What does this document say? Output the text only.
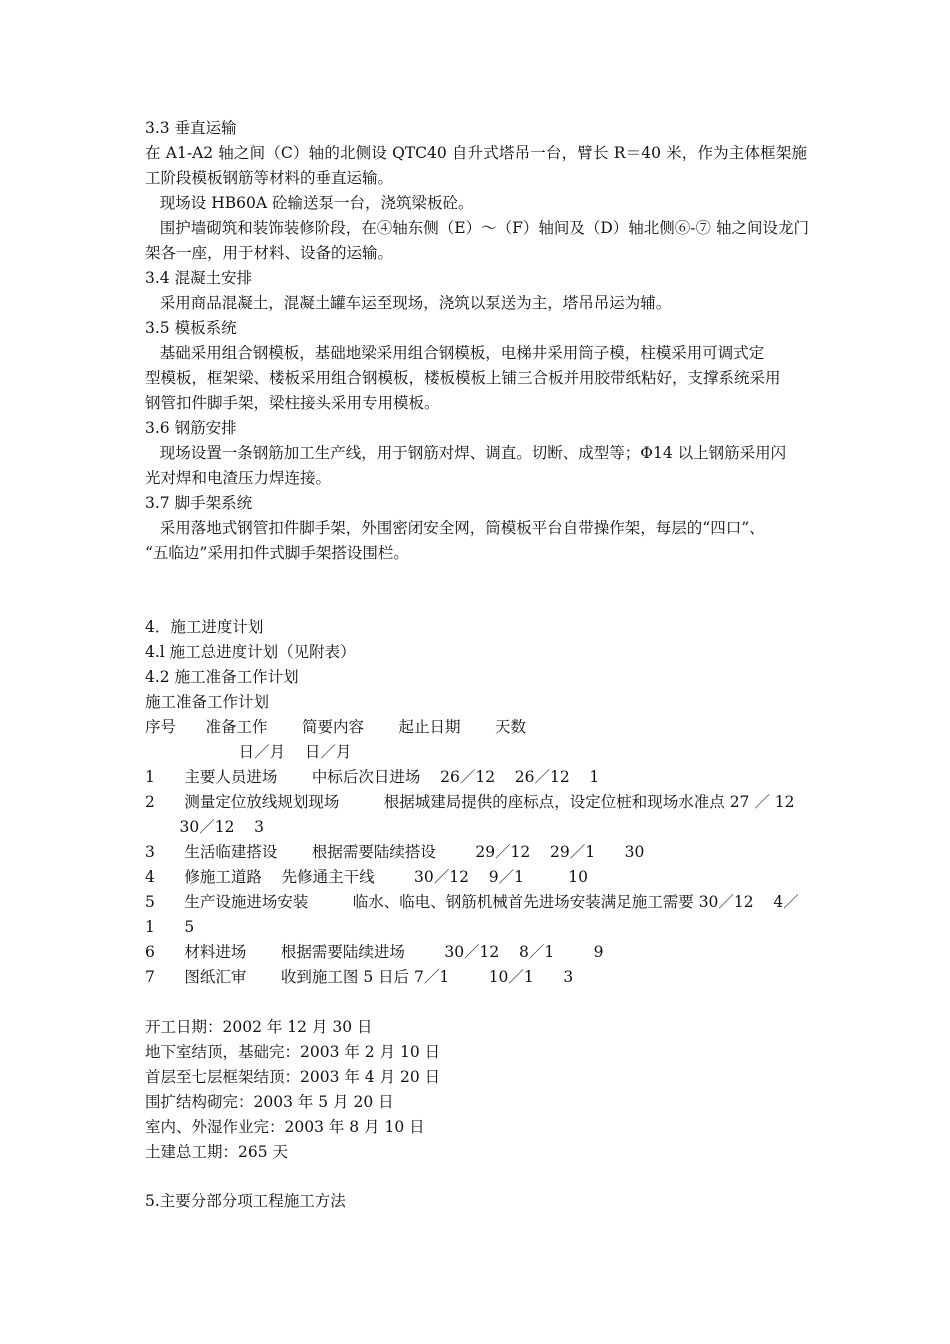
3.3 垂直运输
在 A1-A2 轴之间（C）轴的北侧设 QTC40 自升式塔吊一台，臂长 R＝40 米，作为主体框架施
工阶段模板钢筋等材料的垂直运输。
现场设 HB60A 砼输送泵一台，浇筑梁板砼。
围护墙砌筑和装饰装修阶段，在④轴东侧（E）～（F）轴间及（D）轴北侧⑥-⑦ 轴之间设龙门
架各一座，用于材料、设备的运输。
3.4 混凝土安排
采用商品混凝土，混凝土罐车运至现场，浇筑以泵送为主，塔吊吊运为辅。
3.5 模板系统
基础采用组合钢模板，基础地梁采用组合钢模板，电梯井采用筒子模，柱模采用可调式定
型模板，框架梁、楼板采用组合钢模板，楼板模板上铺三合板并用胶带纸粘好，支撑系统采用
钢管扣件脚手架，梁柱接头采用专用模板。
3.6 钢筋安排
现场设置一条钢筋加工生产线，用于钢筋对焊、调直。切断、成型等；Φ14 以上钢筋采用闪
光对焊和电渣压力焊连接。
3.7 脚手架系统
采用落地式钢管扣件脚手架，外围密闭安全网，筒模板平台自带操作架，每层的“四口”、
“五临边”采用扣件式脚手架搭设围栏。
4．施工进度计划
4.l 施工总进度计划（见附表）
4.2 施工准备工作计划
施工准备工作计划
序号      准备工作       简要内容       起止日期       天数
日／月    日／月
1      主要人员进场       中标后次日进场    26／12    26／12    1
2      测量定位放线规划现场         根据城建局提供的座标点，设定位桩和现场水准点 27 ／ 12
30／12    3
3      生活临建搭设       根据需要陆续搭设        29／12    29／1      30
4      修施工道路    先修通主干线        30／12    9／1         10
5      生产设施进场安装         临水、临电、钢筋机械首先进场安装满足施工需要 30／12    4／
1      5
6      材料进场       根据需要陆续进场        30／12    8／1        9
7      图纸汇审       收到施工图 5 日后 7／1        10／1      3
开工日期：2002 年 12 月 30 日
地下室结顶，基础完：2003 年 2 月 10 日
首层至七层框架结顶：2003 年 4 月 20 日
围扩结构砌完：2003 年 5 月 20 日
室内、外湿作业完：2003 年 8 月 10 日
土建总工期：265 天
5.主要分部分项工程施工方法
